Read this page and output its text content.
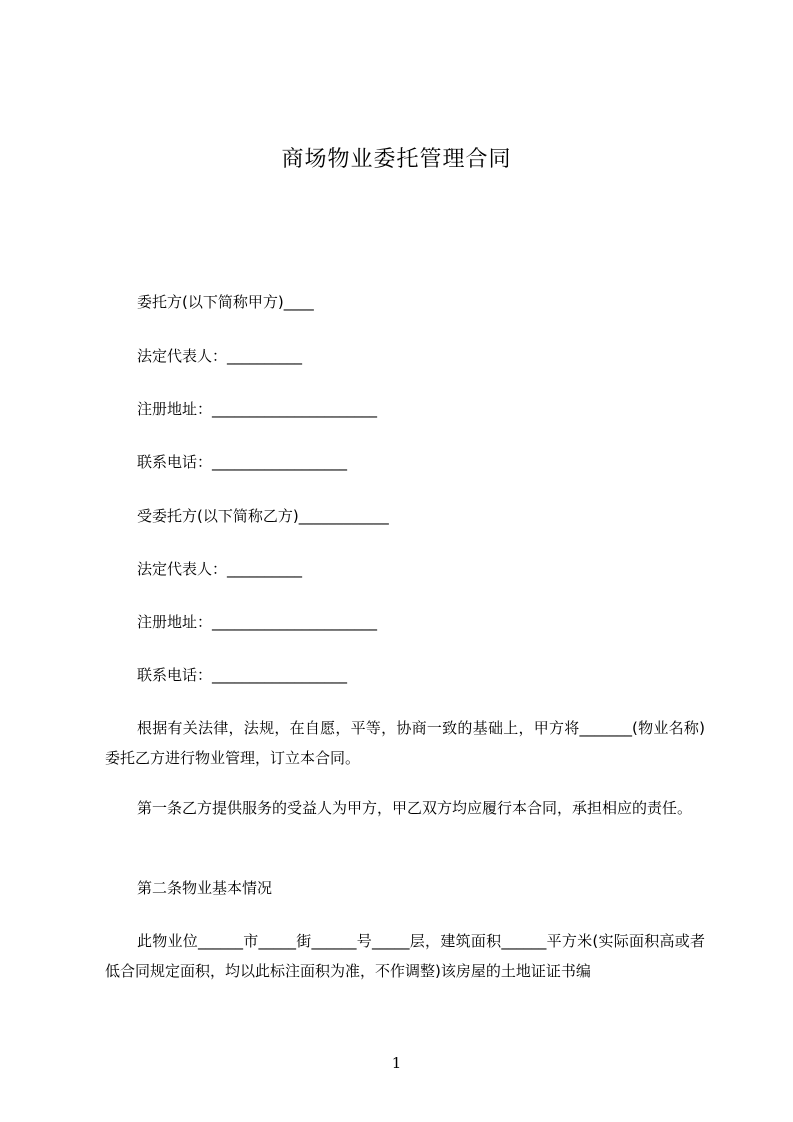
商场物业委托管理合同
委托方(以下简称甲方)____
法定代表人：__________
注册地址：______________________
联系电话：__________________
受委托方(以下简称乙方)____________
法定代表人：__________
注册地址：______________________
联系电话：__________________
根据有关法律，法规，在自愿，平等，协商一致的基础上，甲方将_______(物业名称)委托乙方进行物业管理，订立本合同。
第一条乙方提供服务的受益人为甲方，甲乙双方均应履行本合同，承担相应的责任。
第二条物业基本情况
此物业位______市_____街______号_____层，建筑面积______平方米(实际面积高或者低合同规定面积，均以此标注面积为准，不作调整)该房屋的土地证证书编
1
